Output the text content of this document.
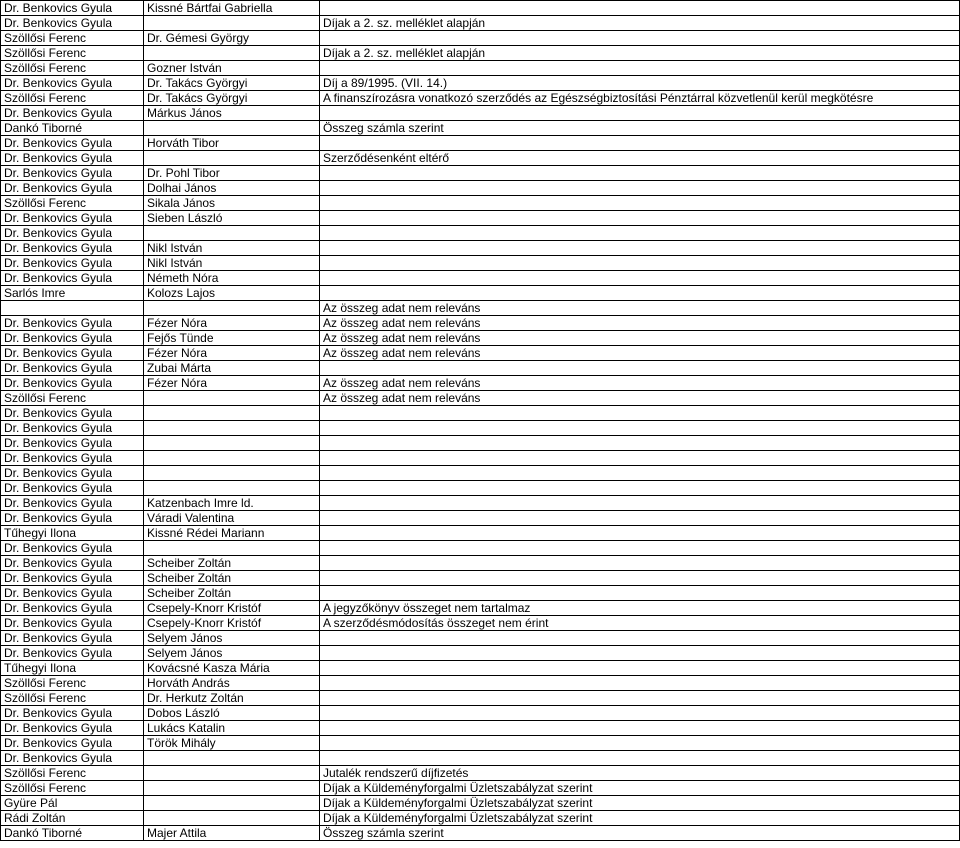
Dr. Benkovics Gyula	Kissné Bártfai Gabriella	
Dr. Benkovics Gyula		Díjak a 2. sz. melléklet alapján
Szöllősi Ferenc	Dr. Gémesi György	
Szöllősi Ferenc		Díjak a 2. sz. melléklet alapján
Szöllősi Ferenc	Gozner István	
Dr. Benkovics Gyula	Dr. Takács Györgyi	Díj a 89/1995. (VII. 14.)
Szöllősi Ferenc	Dr. Takács Györgyi	A finanszírozásra vonatkozó szerződés az Egészségbiztosítási Pénztárral közvetlenül kerül megkötésre
Dr. Benkovics Gyula	Márkus János	
Dankó Tiborné		Összeg számla szerint
Dr. Benkovics Gyula	Horváth Tibor	
Dr. Benkovics Gyula		Szerződésenként eltérő
Dr. Benkovics Gyula	Dr. Pohl Tibor	
Dr. Benkovics Gyula	Dolhai János	
Szöllősi Ferenc	Sikala János	
Dr. Benkovics Gyula	Sieben László	
Dr. Benkovics Gyula		
Dr. Benkovics Gyula	Nikl István	
Dr. Benkovics Gyula	Nikl István	
Dr. Benkovics Gyula	Németh Nóra	
Sarlós Imre	Kolozs Lajos	
		Az összeg adat nem releváns
Dr. Benkovics Gyula	Fézer Nóra	Az összeg adat nem releváns
Dr. Benkovics Gyula	Fejős Tünde	Az összeg adat nem releváns
Dr. Benkovics Gyula	Fézer Nóra	Az összeg adat nem releváns
Dr. Benkovics Gyula	Zubai Márta	
Dr. Benkovics Gyula	Fézer Nóra	Az összeg adat nem releváns
Szöllősi Ferenc		Az összeg adat nem releváns
Dr. Benkovics Gyula		
Dr. Benkovics Gyula		
Dr. Benkovics Gyula		
Dr. Benkovics Gyula		
Dr. Benkovics Gyula		
Dr. Benkovics Gyula		
Dr. Benkovics Gyula	Katzenbach Imre ld.	
Dr. Benkovics Gyula	Váradi Valentina	
Tűhegyi Ilona	Kissné Rédei Mariann	
Dr. Benkovics Gyula		
Dr. Benkovics Gyula	Scheiber Zoltán	
Dr. Benkovics Gyula	Scheiber Zoltán	
Dr. Benkovics Gyula	Scheiber Zoltán	
Dr. Benkovics Gyula	Csepely-Knorr Kristóf	A jegyzőkönyv összeget nem tartalmaz
Dr. Benkovics Gyula	Csepely-Knorr Kristóf	A szerződésmódosítás összeget nem érint
Dr. Benkovics Gyula	Selyem János	
Dr. Benkovics Gyula	Selyem János	
Tűhegyi Ilona	Kovácsné Kasza Mária	
Szöllősi Ferenc	Horváth András	
Szöllősi Ferenc	Dr. Herkutz Zoltán	
Dr. Benkovics Gyula	Dobos László	
Dr. Benkovics Gyula	Lukács Katalin	
Dr. Benkovics Gyula	Török Mihály	
Dr. Benkovics Gyula		
Szöllősi Ferenc		Jutalék rendszerű díjfizetés
Szöllősi Ferenc		Díjak a Küldeményforgalmi Üzletszabályzat szerint
Gyüre Pál		Díjak a Küldeményforgalmi Üzletszabályzat szerint
Rádi Zoltán		Díjak a Küldeményforgalmi Üzletszabályzat szerint
Dankó Tiborné	Majer Attila	Összeg számla szerint
